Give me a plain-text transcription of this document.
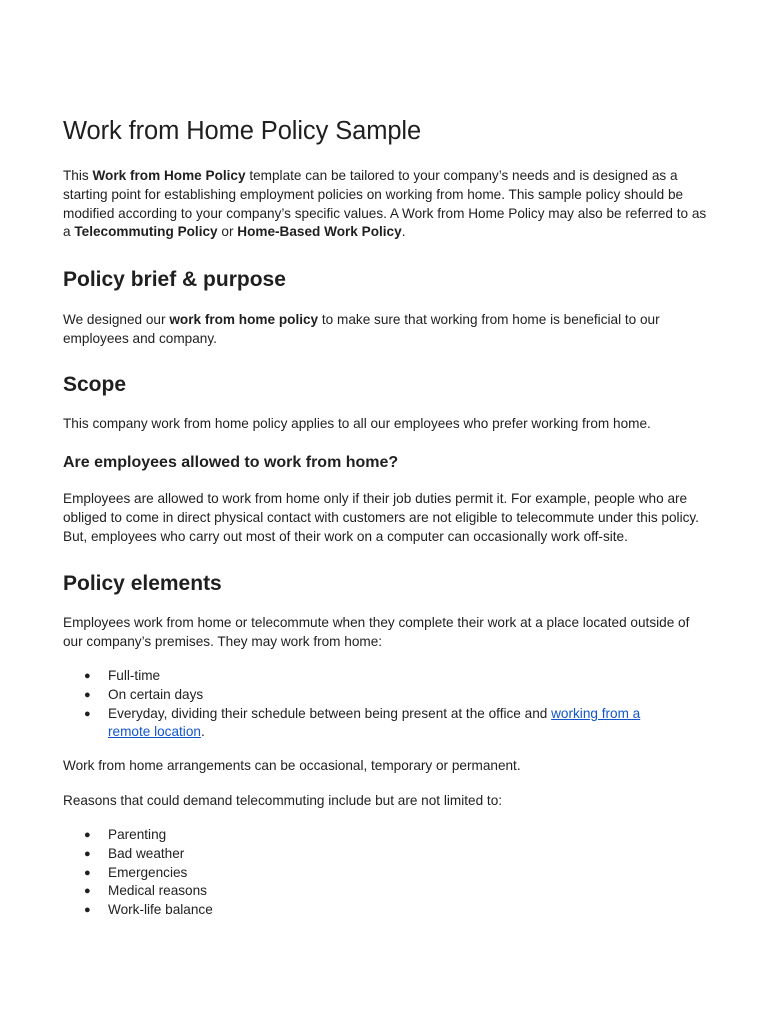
Work from Home Policy Sample

This Work from Home Policy template can be tailored to your company’s needs and is designed as a starting point for establishing employment policies on working from home. This sample policy should be modified according to your company’s specific values. A Work from Home Policy may also be referred to as a Telecommuting Policy or Home-Based Work Policy.

Policy brief & purpose

We designed our work from home policy to make sure that working from home is beneficial to our employees and company.

Scope

This company work from home policy applies to all our employees who prefer working from home.

Are employees allowed to work from home?

Employees are allowed to work from home only if their job duties permit it. For example, people who are obliged to come in direct physical contact with customers are not eligible to telecommute under this policy. But, employees who carry out most of their work on a computer can occasionally work off-site.

Policy elements

Employees work from home or telecommute when they complete their work at a place located outside of our company’s premises. They may work from home:

● Full-time
● On certain days
● Everyday, dividing their schedule between being present at the office and working from a remote location.

Work from home arrangements can be occasional, temporary or permanent.

Reasons that could demand telecommuting include but are not limited to:

● Parenting
● Bad weather
● Emergencies
● Medical reasons
● Work-life balance
